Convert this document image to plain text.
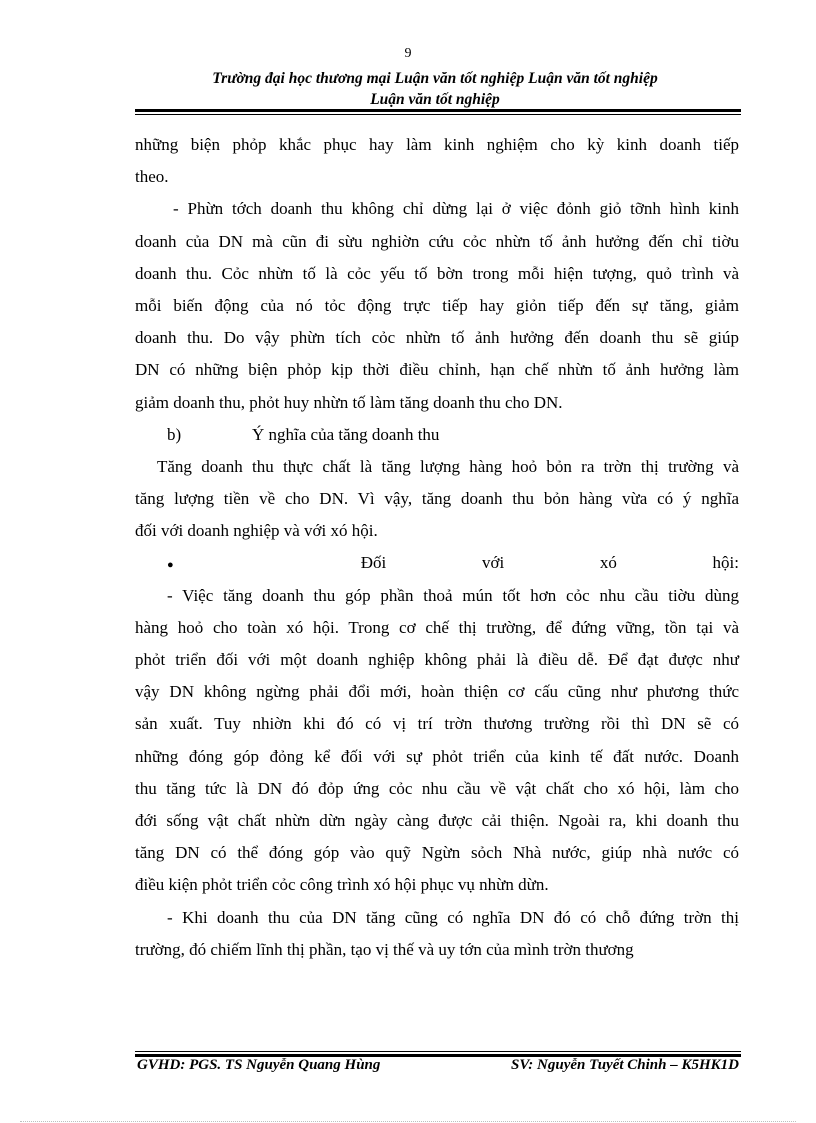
9
Trường đại học thương mại Luận văn tốt nghiệp Luận văn tốt nghiệp
Luận văn tốt nghiệp
những biện phỏp khắc phục hay làm kinh nghiệm cho kỳ kinh doanh tiếp
theo.
- Phừn tớch doanh thu không chỉ dừng lại ở việc đỏnh giỏ tỡnh hình kinh
doanh của DN mà cũn đi sừu nghiờn cứu cỏc nhừn tố ảnh hưởng đến chỉ tiờu
doanh thu. Cỏc nhừn tố là cỏc yếu tố bờn trong mỗi hiện tượng, quỏ trình và
mỗi biến động của nó tỏc động trực tiếp hay giỏn tiếp đến sự tăng, giảm
doanh thu. Do vậy phừn tích cỏc nhừn tố ảnh hưởng đến doanh thu sẽ giúp
DN có những biện phỏp kịp thời điều chỉnh, hạn chế nhừn tố ảnh hưởng làm
giảm doanh thu, phỏt huy nhừn tố làm tăng doanh thu cho DN.
b)	Ý nghĩa của tăng doanh thu
Tăng doanh thu thực chất là tăng lượng hàng hoỏ bỏn ra trờn thị trường và
tăng lượng tiền về cho DN. Vì vậy, tăng doanh thu bỏn hàng vừa có ý nghĩa
đối với doanh nghiệp và với xó hội.
●	Đối với xó hội:
- Việc tăng doanh thu góp phần thoả mún tốt hơn cỏc nhu cầu tiờu dùng
hàng hoỏ cho toàn xó hội. Trong cơ chế thị trường, để đứng vững, tồn tại và
phỏt triển đối với một doanh nghiệp không phải là điều dễ. Để đạt được như
vậy DN không ngừng phải đổi mới, hoàn thiện cơ cấu cũng như phương thức
sản xuất. Tuy nhiờn khi đó có vị trí trờn thương trường rồi thì DN sẽ có
những đóng góp đỏng kể đối với sự phỏt triển của kinh tế đất nước. Doanh
thu tăng tức là DN đó đỏp ứng cỏc nhu cầu về vật chất cho xó hội, làm cho
đới sống vật chất nhừn dừn ngày càng được cải thiện. Ngoài ra, khi doanh thu
tăng DN có thể đóng góp vào quỹ Ngừn sỏch Nhà nước, giúp nhà nước có
điều kiện phỏt triển cỏc công trình xó hội phục vụ nhừn dừn.
- Khi doanh thu của DN tăng cũng có nghĩa DN đó có chỗ đứng trờn thị
trường, đó chiếm lĩnh thị phần, tạo vị thế và uy tớn của mình trờn thương
GVHD: PGS. TS Nguyễn Quang Hùng	SV: Nguyễn Tuyết Chinh – K5HK1D
